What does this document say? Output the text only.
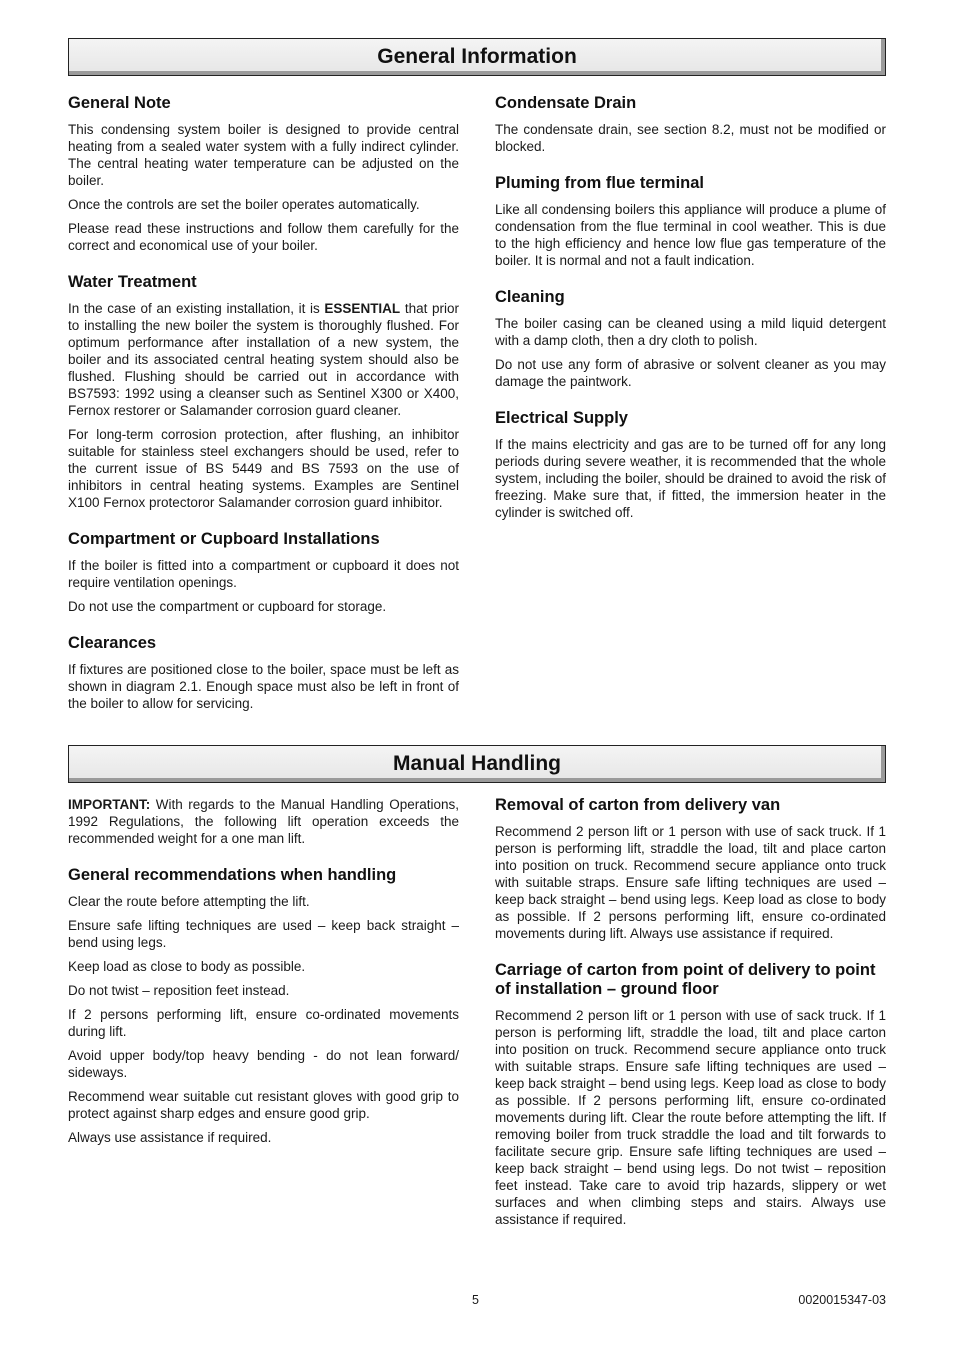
General Information
General Note

This condensing system boiler is designed to provide central heating from a sealed water system with a fully indirect cylinder. The central heating water temperature can be adjusted on the boiler.

Once the controls are set the boiler operates automatically.

Please read these instructions and follow them carefully for the correct and economical use of your boiler.

Water Treatment

In the case of an existing installation, it is ESSENTIAL that prior to installing the new boiler the system is thoroughly flushed. For optimum performance after installation of a new system, the boiler and its associated central heating system should also be flushed. Flushing should be carried out in accordance with BS7593: 1992 using a cleanser such as Sentinel X300 or X400, Fernox restorer or Salamander corrosion guard cleaner.

For long-term corrosion protection, after flushing, an inhibitor suitable for stainless steel exchangers should be used, refer to the current issue of BS 5449 and BS 7593 on the use of inhibitors in central heating systems. Examples are Sentinel X100 Fernox protectoror Salamander corrosion guard inhibitor.

Compartment or Cupboard Installations

If the boiler is fitted into a compartment or cupboard it does not require ventilation openings.

Do not use the compartment or cupboard for storage.

Clearances

If fixtures are positioned close to the boiler, space must be left as shown in diagram 2.1. Enough space must also be left in front of the boiler to allow for servicing.

Condensate Drain

The condensate drain, see section 8.2, must not be modified or blocked.

Pluming from flue terminal

Like all condensing boilers this appliance will produce a plume of condensation from the flue terminal in cool weather. This is due to the high efficiency and hence low flue gas temperature of the boiler. It is normal and not a fault indication.

Cleaning

The boiler casing can be cleaned using a mild liquid detergent with a damp cloth, then a dry cloth to polish.

Do not use any form of abrasive or solvent cleaner as you may damage the paintwork.

Electrical Supply

If the mains electricity and gas are to be turned off for any long periods during severe weather, it is recommended that the whole system, including the boiler, should be drained to avoid the risk of freezing. Make sure that, if fitted, the immersion heater in the cylinder is switched off.

Manual Handling

IMPORTANT: With regards to the Manual Handling Operations, 1992 Regulations, the following lift operation exceeds the recommended weight for a one man lift.

General recommendations when handling

Clear the route before attempting the lift.

Ensure safe lifting techniques are used – keep back straight – bend using legs.

Keep load as close to body as possible.

Do not twist – reposition feet instead.

If 2 persons performing lift, ensure co-ordinated movements during lift.

Avoid upper body/top heavy bending - do not lean forward/ sideways.

Recommend wear suitable cut resistant gloves with good grip to protect against sharp edges and ensure good grip.

Always use assistance if required.

Removal of carton from delivery van

Recommend 2 person lift or 1 person with use of sack truck. If 1 person is performing lift, straddle the load, tilt and place carton into position on truck. Recommend secure appliance onto truck with suitable straps. Ensure safe lifting techniques are used – keep back straight – bend using legs. Keep load as close to body as possible. If 2 persons performing lift, ensure co-ordinated movements during lift. Always use assistance if required.

Carriage of carton from point of delivery to point of installation – ground floor

Recommend 2 person lift or 1 person with use of sack truck. If 1 person is performing lift, straddle the load, tilt and place carton into position on truck. Recommend secure appliance onto truck with suitable straps. Ensure safe lifting techniques are used – keep back straight – bend using legs. Keep load as close to body as possible. If 2 persons performing lift, ensure co-ordinated movements during lift. Clear the route before attempting the lift. If removing boiler from truck straddle the load and tilt forwards to facilitate secure grip. Ensure safe lifting techniques are used – keep back straight – bend using legs. Do not twist – reposition feet instead. Take care to avoid trip hazards, slippery or wet surfaces and when climbing steps and stairs. Always use assistance if required.

5	0020015347-03
